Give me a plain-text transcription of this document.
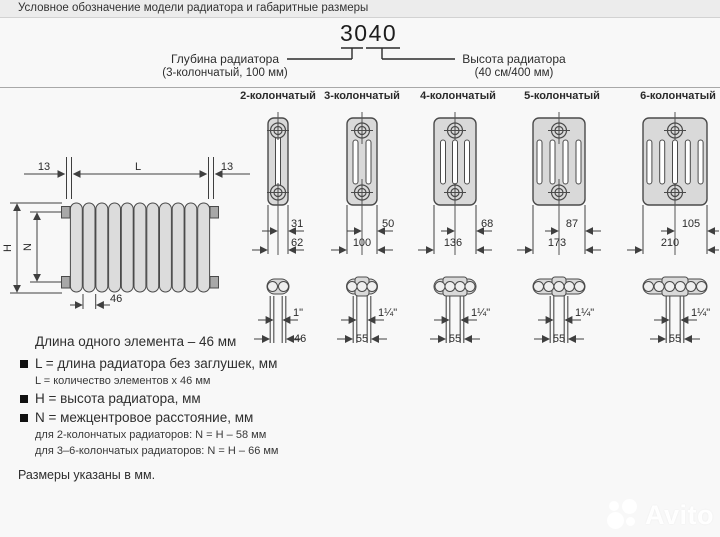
Условное обозначение модели радиатора и габаритные размеры
3040
Глубина радиатора
(3-колончатый, 100 мм)
Высота радиатора
(40 см/400 мм)
2-колончатый 3-колончатый 4-колончатый	5-колончатый	6-колончатый
13	L	13
H N
46
31
62
1"
46
50
100
1¼"
55
68
136
1¼"
55
87
173
1¼"
55
105
210
1¼"
55
Длина одного элемента – 46 мм
L = длина радиатора без заглушек, мм
L = количество элементов х 46 мм
H = высота радиатора, мм
N = межцентровое расстояние, мм
для 2-колончатых радиаторов: N = H – 58 мм
для 3–6-колончатых радиаторов: N = H – 66 мм
Размеры указаны в мм.
Avito
